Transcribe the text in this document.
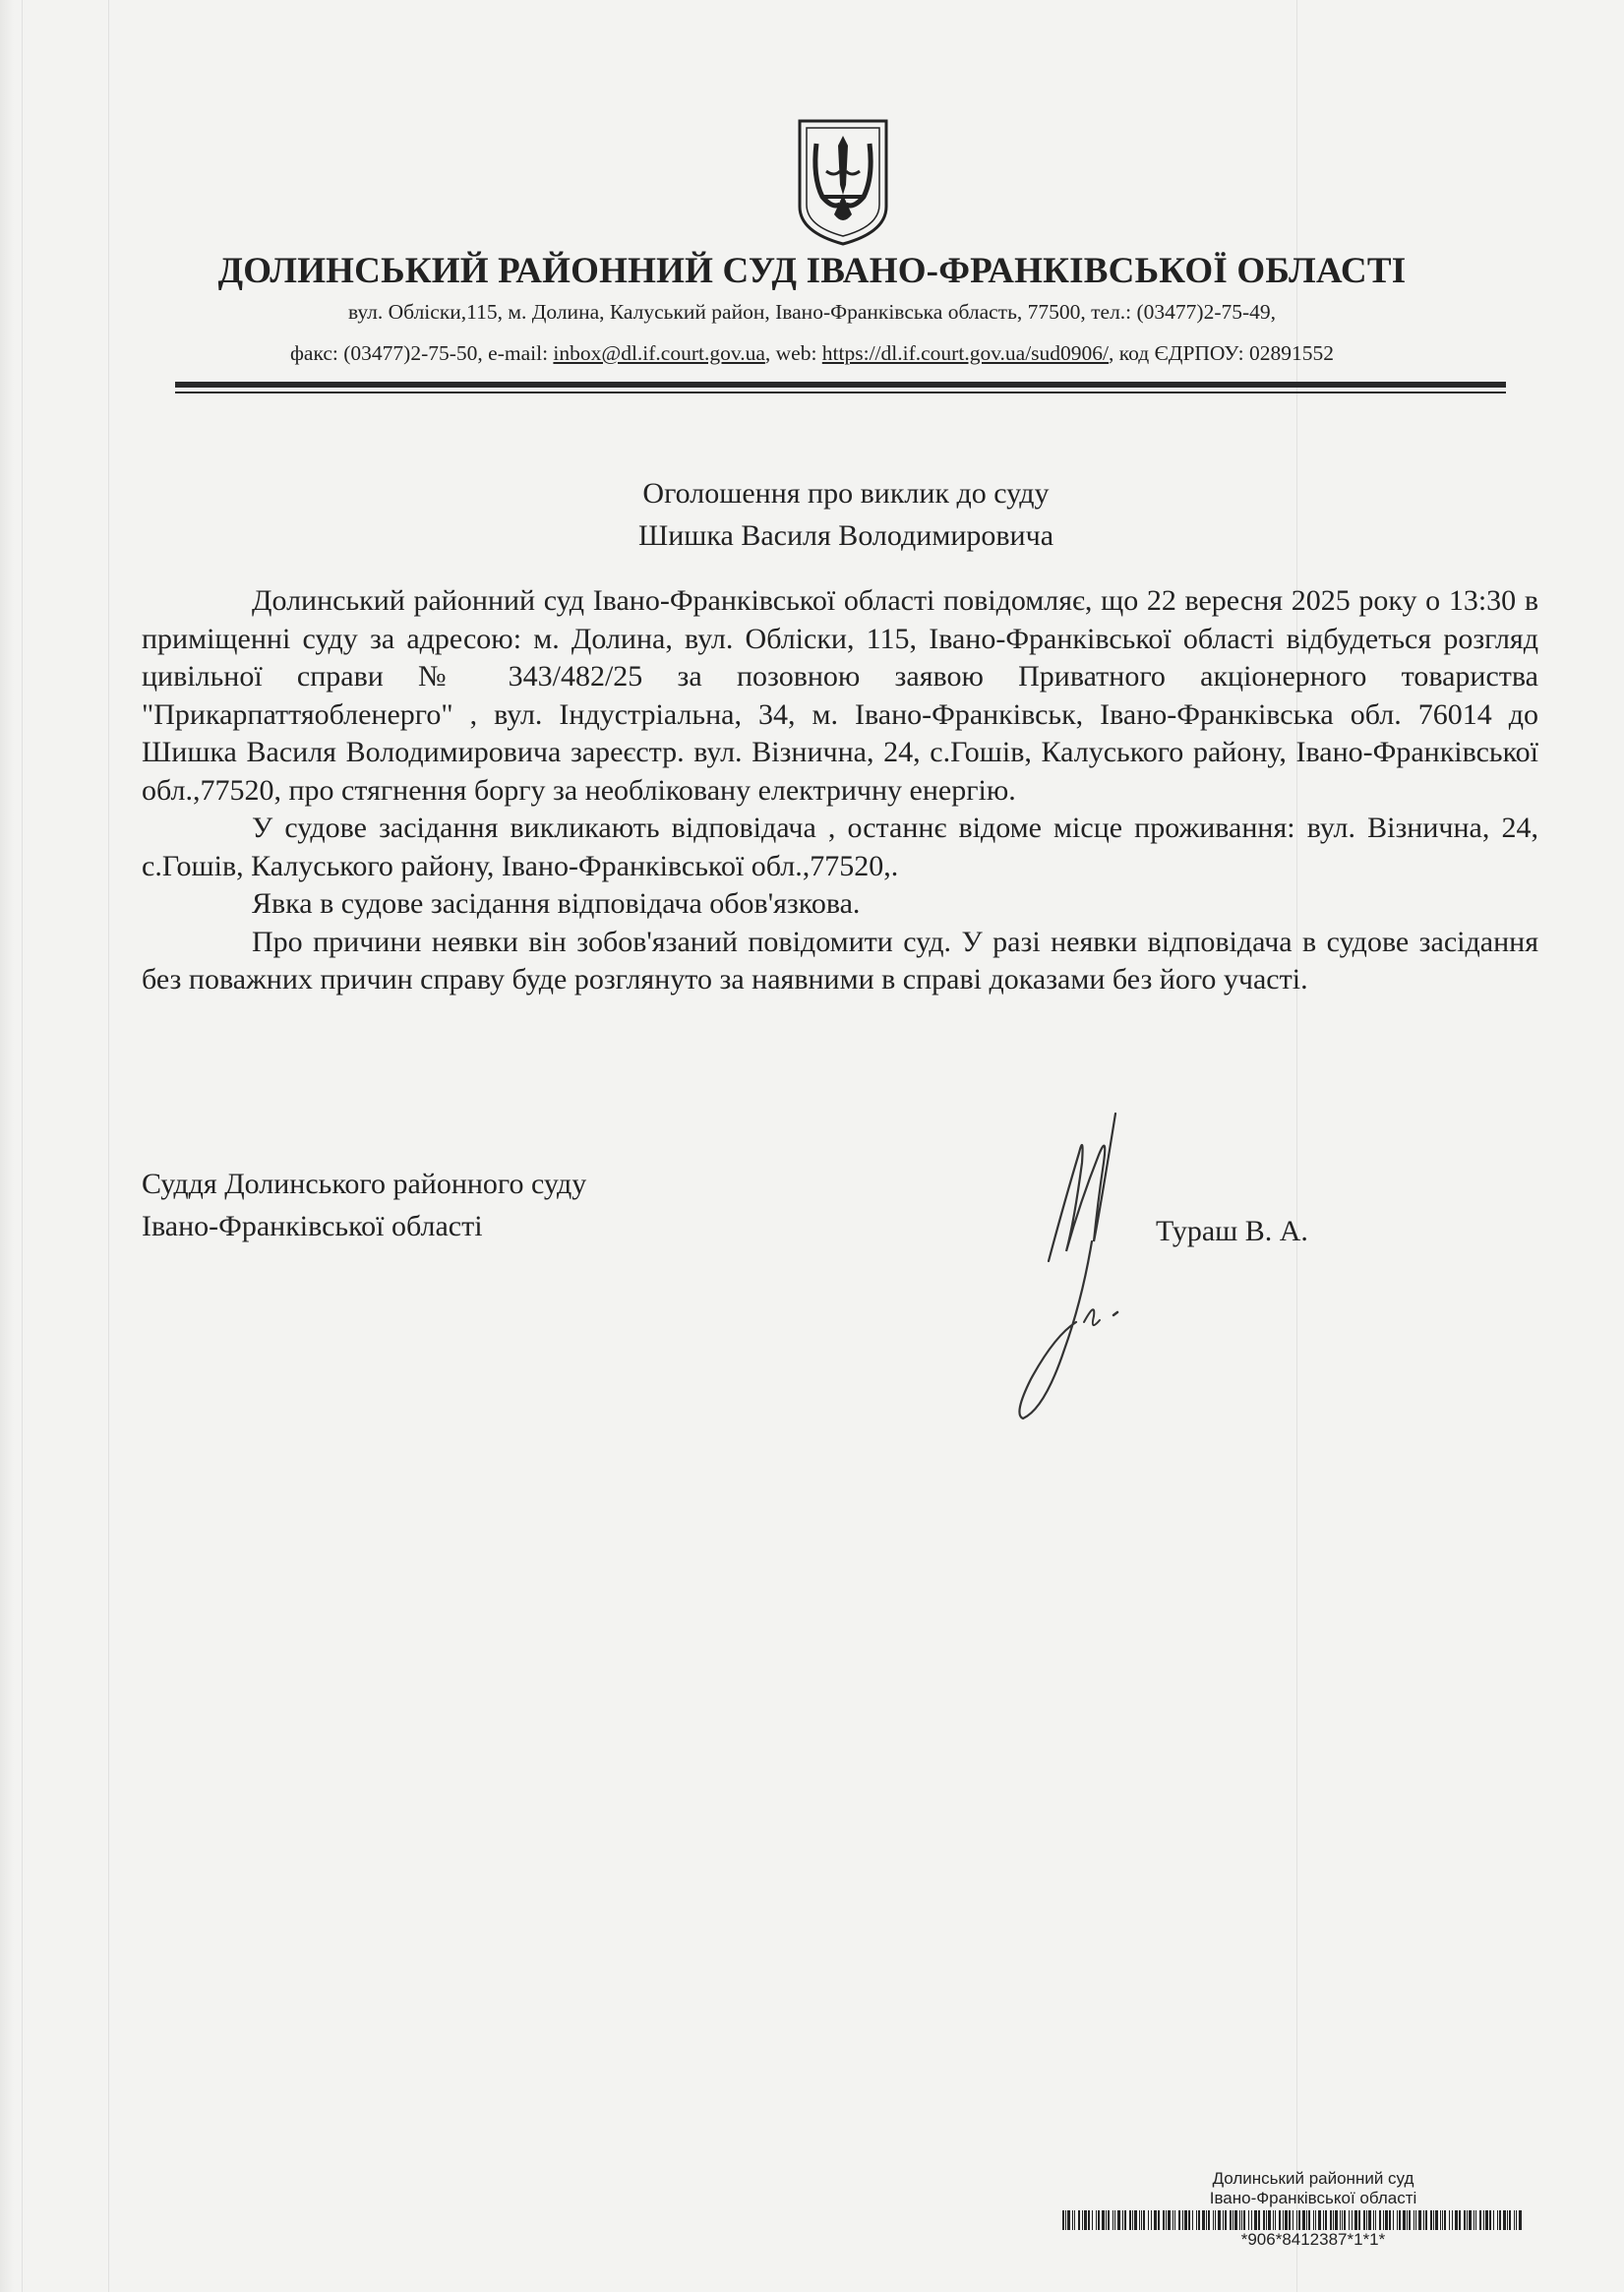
ДОЛИНСЬКИЙ РАЙОННИЙ СУД ІВАНО-ФРАНКІВСЬКОЇ ОБЛАСТІ
вул. Обліски,115, м. Долина, Калуський район, Івано-Франківська область, 77500, тел.: (03477)2-75-49,
факс: (03477)2-75-50, e-mail: inbox@dl.if.court.gov.ua, web: https://dl.if.court.gov.ua/sud0906/, код ЄДРПОУ: 02891552
Оголошення про виклик до суду
Шишка Василя Володимировича

Долинський районний суд Івано-Франківської області повідомляє, що 22 вересня 2025 року о 13:30 в приміщенні суду за адресою: м. Долина, вул. Обліски, 115, Івано-Франківської області відбудеться розгляд цивільної справи № 343/482/25 за позовною заявою Приватного акціонерного товариства "Прикарпаттяобленерго" , вул. Індустріальна, 34, м. Івано-Франківськ, Івано-Франківська обл. 76014 до Шишка Василя Володимировича зареєстр. вул. Візнична, 24, с.Гошів, Калуського району, Івано-Франківської обл.,77520, про стягнення боргу за необліковану електричну енергію.

У судове засідання викликають відповідача , останнє відоме місце проживання: вул. Візнична, 24, с.Гошів, Калуського району, Івано-Франківської обл.,77520,.

Явка в судове засідання відповідача обов'язкова.

Про причини неявки він зобов'язаний повідомити суд. У разі неявки відповідача в судове засідання без поважних причин справу буде розглянуто за наявними в справі доказами без його участі.

Суддя Долинського районного суду
Івано-Франківської області	Тураш В. А.
Долинський районний суд
Івано-Франківської області
*906*8412387*1*1*
